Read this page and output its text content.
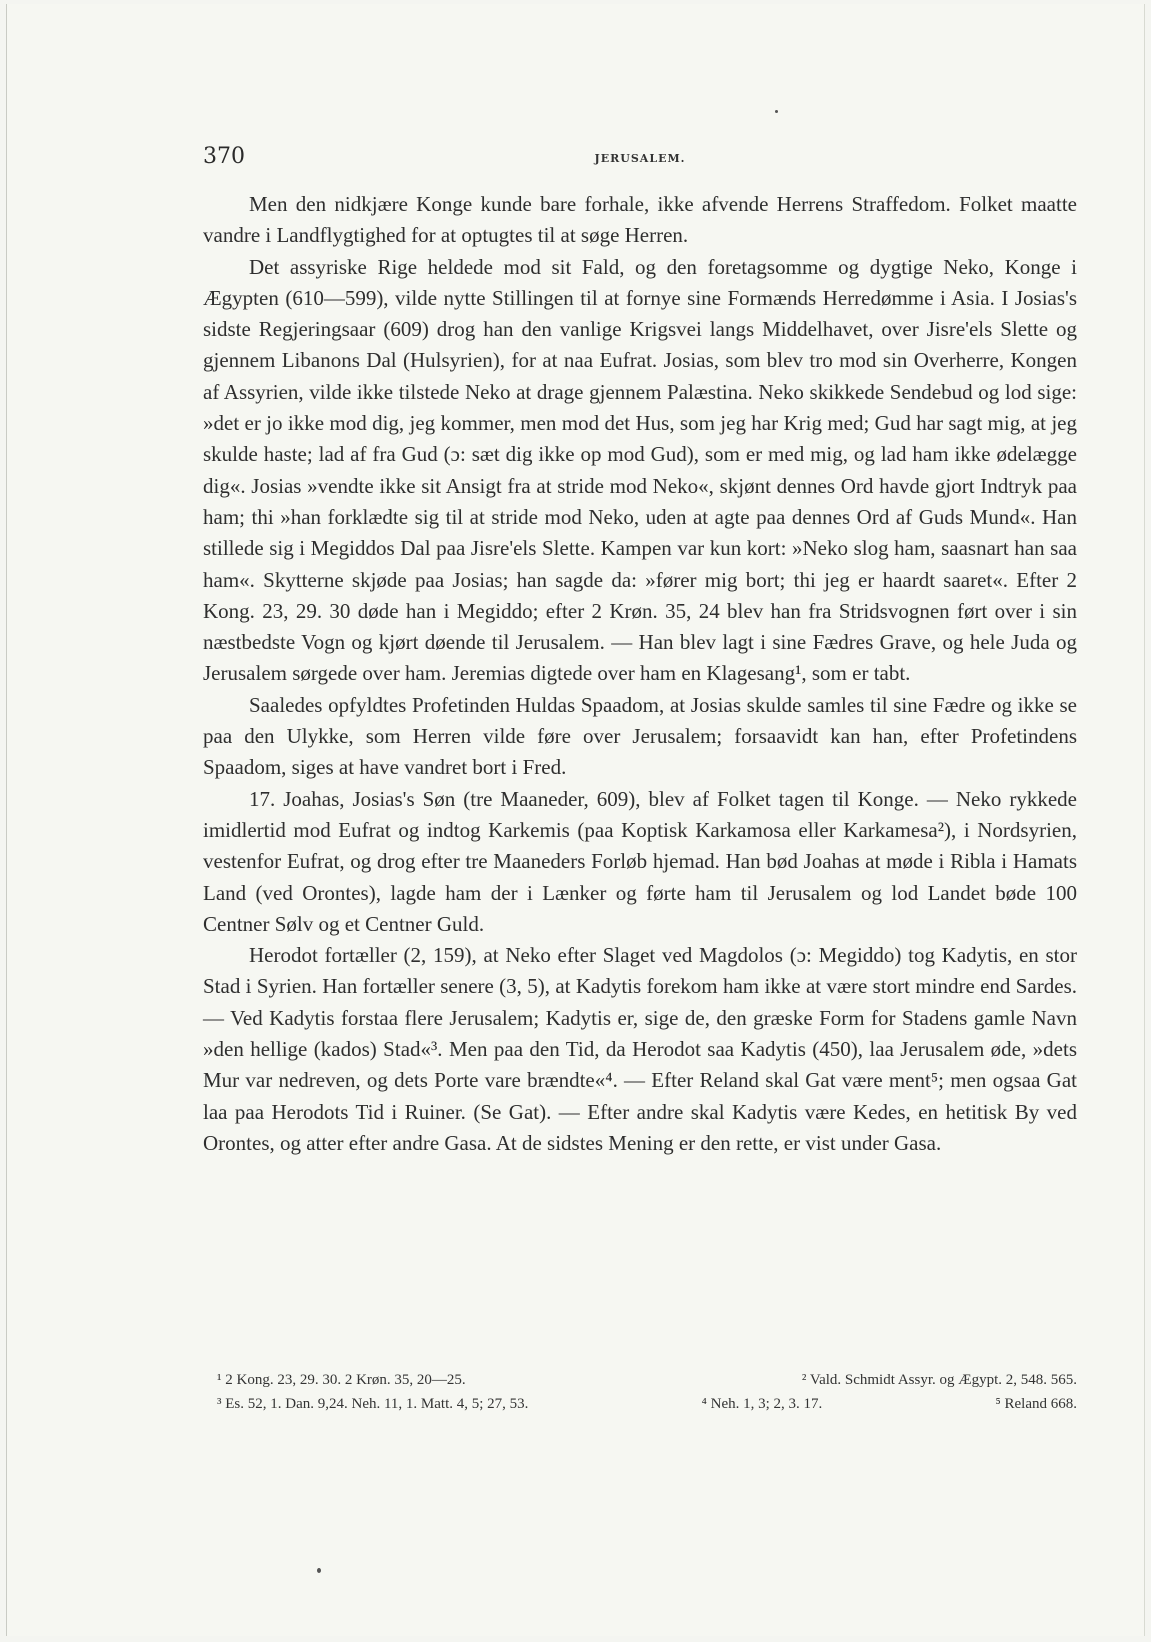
370	JERUSALEM.

Men den nidkjære Konge kunde bare forhale, ikke afvende Herrens Straffedom. Folket maatte vandre i Landflygtighed for at optugtes til at søge Herren.

Det assyriske Rige heldede mod sit Fald, og den foretagsomme og dygtige Neko, Konge i Ægypten (610—599), vilde nytte Stillingen til at fornye sine Formænds Herredømme i Asia. I Josias's sidste Regjeringsaar (609) drog han den vanlige Krigsvei langs Middelhavet, over Jisre'els Slette og gjennem Libanons Dal (Hulsyrien), for at naa Eufrat. Josias, som blev tro mod sin Overherre, Kongen af Assyrien, vilde ikke tilstede Neko at drage gjennem Palæstina. Neko skikkede Sendebud og lod sige: »det er jo ikke mod dig, jeg kommer, men mod det Hus, som jeg har Krig med; Gud har sagt mig, at jeg skulde haste; lad af fra Gud (ɔ: sæt dig ikke op mod Gud), som er med mig, og lad ham ikke ødelægge dig«. Josias »vendte ikke sit Ansigt fra at stride mod Neko«, skjønt dennes Ord havde gjort Indtryk paa ham; thi »han forklædte sig til at stride mod Neko, uden at agte paa dennes Ord af Guds Mund«. Han stillede sig i Megiddos Dal paa Jisre'els Slette. Kampen var kun kort: »Neko slog ham, saasnart han saa ham«. Skytterne skjøde paa Josias; han sagde da: »fører mig bort; thi jeg er haardt saaret«. Efter 2 Kong. 23, 29. 30 døde han i Megiddo; efter 2 Krøn. 35, 24 blev han fra Stridsvognen ført over i sin næstbedste Vogn og kjørt døende til Jerusalem. — Han blev lagt i sine Fædres Grave, og hele Juda og Jerusalem sørgede over ham. Jeremias digtede over ham en Klagesang¹, som er tabt.

Saaledes opfyldtes Profetinden Huldas Spaadom, at Josias skulde samles til sine Fædre og ikke se paa den Ulykke, som Herren vilde føre over Jerusalem; forsaavidt kan han, efter Profetindens Spaadom, siges at have vandret bort i Fred.

17. Joahas, Josias's Søn (tre Maaneder, 609), blev af Folket tagen til Konge. — Neko rykkede imidlertid mod Eufrat og indtog Karkemis (paa Koptisk Karkamosa eller Karkamesa²), i Nordsyrien, vestenfor Eufrat, og drog efter tre Maaneders Forløb hjemad. Han bød Joahas at møde i Ribla i Hamats Land (ved Orontes), lagde ham der i Lænker og førte ham til Jerusalem og lod Landet bøde 100 Centner Sølv og et Centner Guld.

Herodot fortæller (2, 159), at Neko efter Slaget ved Magdolos (ɔ: Megiddo) tog Kadytis, en stor Stad i Syrien. Han fortæller senere (3, 5), at Kadytis forekom ham ikke at være stort mindre end Sardes. — Ved Kadytis forstaa flere Jerusalem; Kadytis er, sige de, den græske Form for Stadens gamle Navn »den hellige (kados) Stad«³. Men paa den Tid, da Herodot saa Kadytis (450), laa Jerusalem øde, »dets Mur var nedreven, og dets Porte vare brændte«⁴. — Efter Reland skal Gat være ment⁵; men ogsaa Gat laa paa Herodots Tid i Ruiner. (Se Gat). — Efter andre skal Kadytis være Kedes, en hetitisk By ved Orontes, og atter efter andre Gasa. At de sidstes Mening er den rette, er vist under Gasa.

¹ 2 Kong. 23, 29. 30. 2 Krøn. 35, 20—25.	² Vald. Schmidt Assyr. og Ægypt. 2, 548. 565.
³ Es. 52, 1. Dan. 9,24. Neh. 11, 1. Matt. 4, 5; 27, 53.	⁴ Neh. 1, 3; 2, 3. 17.	⁵ Reland 668.
